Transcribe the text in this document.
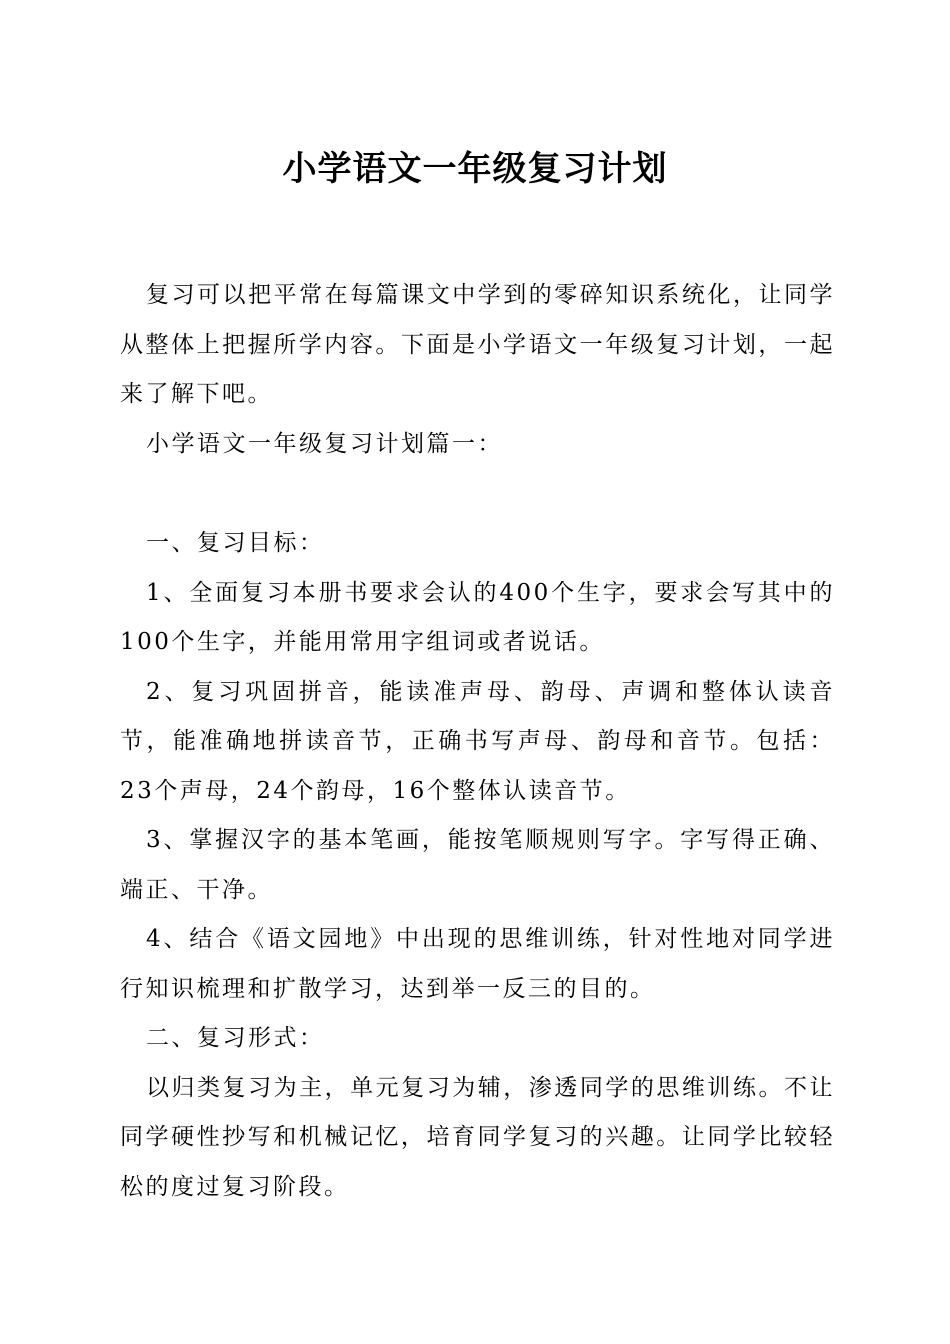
小学语文一年级复习计划

复习可以把平常在每篇课文中学到的零碎知识系统化，让同学从整体上把握所学内容。下面是小学语文一年级复习计划，一起来了解下吧。

小学语文一年级复习计划篇一：

一、复习目标：

1、全面复习本册书要求会认的400个生字，要求会写其中的100个生字，并能用常用字组词或者说话。

2、复习巩固拼音，能读准声母、韵母、声调和整体认读音节，能准确地拼读音节，正确书写声母、韵母和音节。包括：23个声母，24个韵母，16个整体认读音节。

3、掌握汉字的基本笔画，能按笔顺规则写字。字写得正确、端正、干净。

4、结合《语文园地》中出现的思维训练，针对性地对同学进行知识梳理和扩散学习，达到举一反三的目的。

二、复习形式：

以归类复习为主，单元复习为辅，渗透同学的思维训练。不让同学硬性抄写和机械记忆，培育同学复习的兴趣。让同学比较轻松的度过复习阶段。
